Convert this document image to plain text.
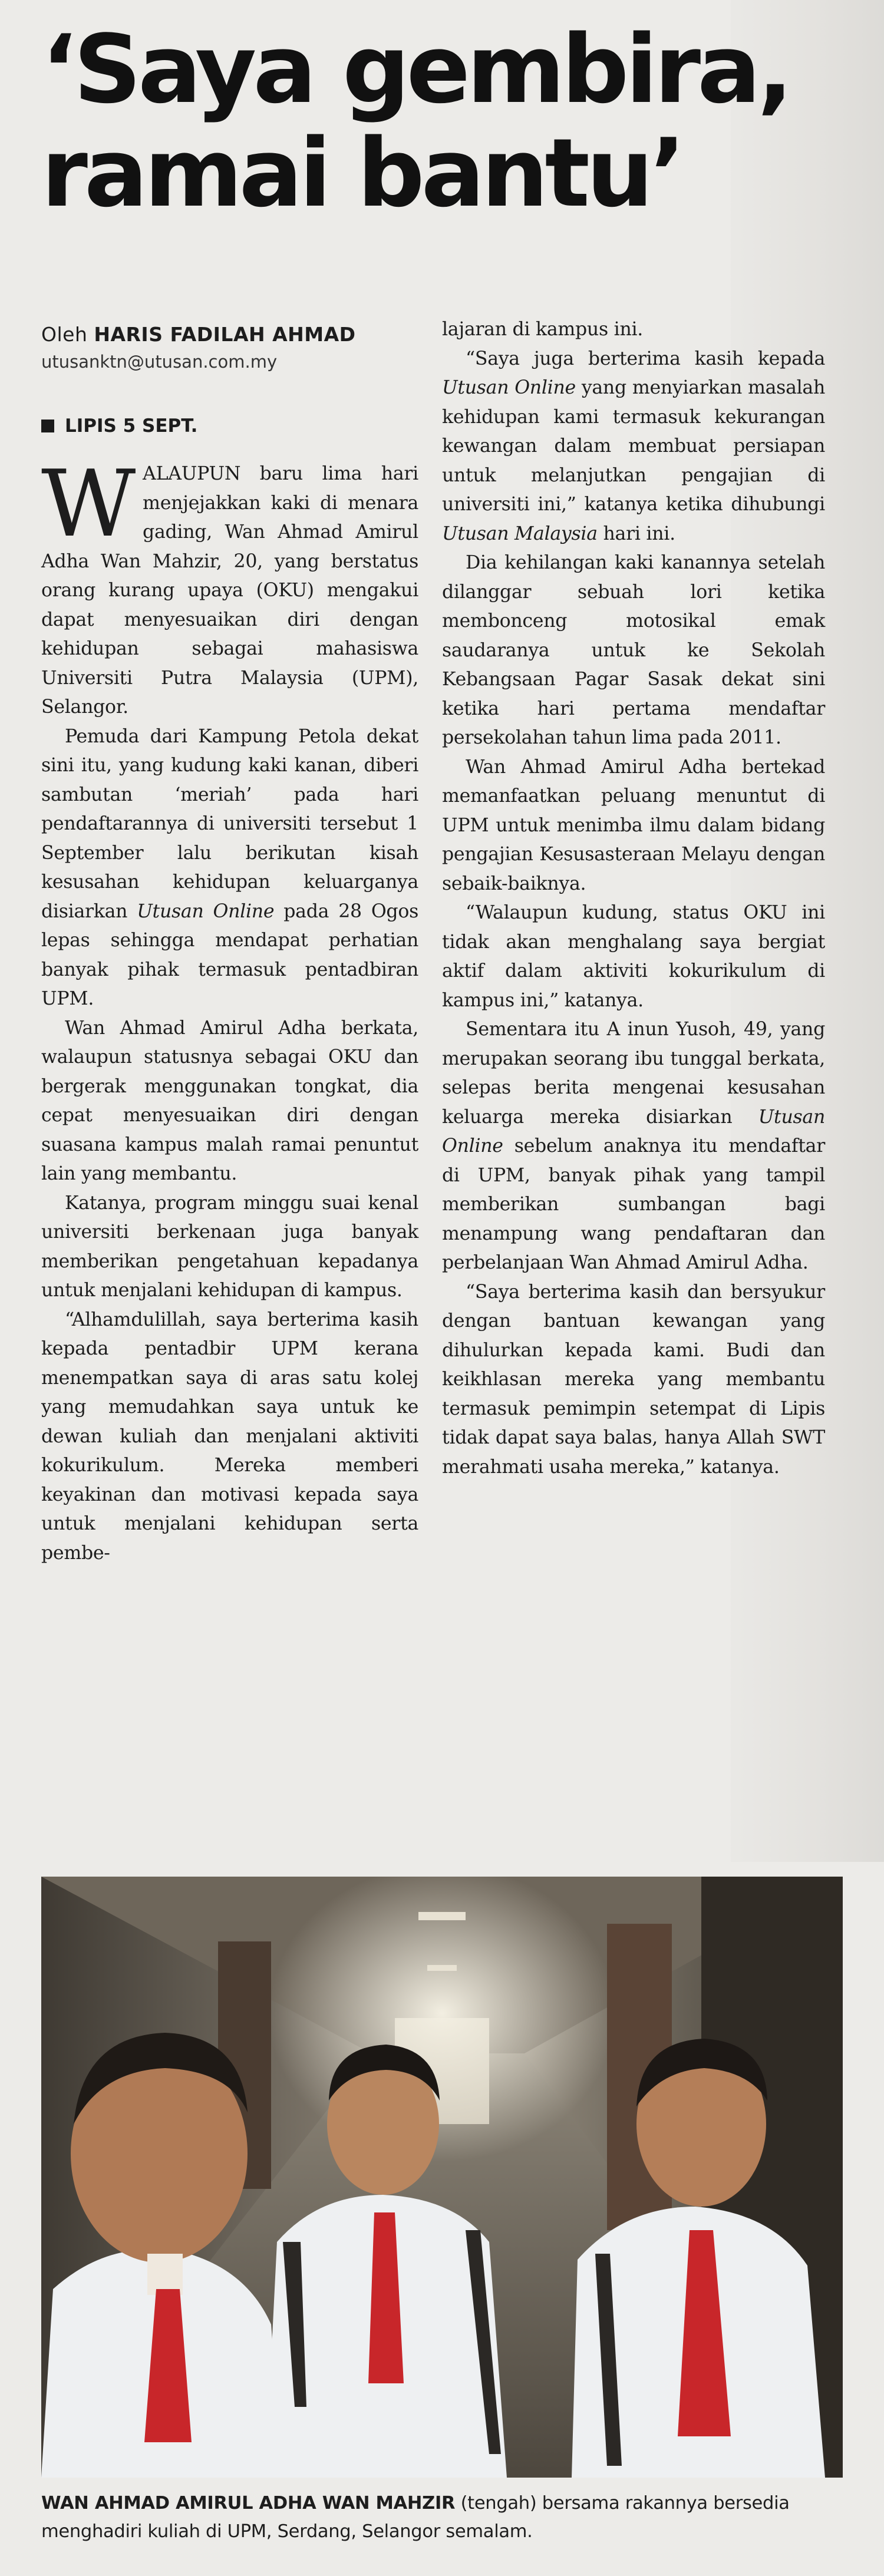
‘Saya gembira,
ramai bantu’
Oleh HARIS FADILAH AHMAD
utusanktn@utusan.com.my
LIPIS 5 SEPT.

WALAUPUN baru lima hari menjejakkan kaki di menara gading, Wan Ahmad Amirul Adha Wan Mahzir, 20, yang berstatus orang kurang upaya (OKU) mengakui dapat menyesuaikan diri dengan kehidupan sebagai mahasiswa Universiti Putra Malaysia (UPM), Selangor.

Pemuda dari Kampung Petola dekat sini itu, yang kudung kaki kanan, diberi sambutan ‘meriah’ pada hari pendaftarannya di universiti tersebut 1 September lalu berikutan kisah kesusahan kehidupan keluarganya disiarkan Utusan Online pada 28 Ogos lepas sehingga mendapat perhatian banyak pihak termasuk pentadbiran UPM.

Wan Ahmad Amirul Adha berkata, walaupun statusnya sebagai OKU dan bergerak menggunakan tongkat, dia cepat menyesuaikan diri dengan suasana kampus malah ramai penuntut lain yang membantu.

Katanya, program minggu suai kenal universiti berkenaan juga banyak memberikan pengetahuan kepadanya untuk menjalani kehidupan di kampus.

“Alhamdulillah, saya berterima kasih kepada pentadbir UPM kerana menempatkan saya di aras satu kolej yang memudahkan saya untuk ke dewan kuliah dan menjalani aktiviti kokurikulum. Mereka memberi keyakinan dan motivasi kepada saya untuk menjalani kehidupan serta pembe-

lajaran di kampus ini.

“Saya juga berterima kasih kepada Utusan Online yang menyiarkan masalah kehidupan kami termasuk kekurangan kewangan dalam membuat persiapan untuk melanjutkan pengajian di universiti ini,” katanya ketika dihubungi Utusan Malaysia hari ini.

Dia kehilangan kaki kanannya setelah dilanggar sebuah lori ketika membonceng motosikal emak saudaranya untuk ke Sekolah Kebangsaan Pagar Sasak dekat sini ketika hari pertama mendaftar persekolahan tahun lima pada 2011.

Wan Ahmad Amirul Adha bertekad memanfaatkan peluang menuntut di UPM untuk menimba ilmu dalam bidang pengajian Kesusasteraan Melayu dengan sebaik-baiknya.

“Walaupun kudung, status OKU ini tidak akan menghalang saya bergiat aktif dalam aktiviti kokurikulum di kampus ini,” katanya.

Sementara itu A inun Yusoh, 49, yang merupakan seorang ibu tunggal berkata, selepas berita mengenai kesusahan keluarga mereka disiarkan Utusan Online sebelum anaknya itu mendaftar di UPM, banyak pihak yang tampil memberikan sumbangan bagi menampung wang pendaftaran dan perbelanjaan Wan Ahmad Amirul Adha.

“Saya berterima kasih dan bersyukur dengan bantuan kewangan yang dihulurkan kepada kami. Budi dan keikhlasan mereka yang membantu termasuk pemimpin setempat di Lipis tidak dapat saya balas, hanya Allah SWT merahmati usaha mereka,” katanya.

WAN AHMAD AMIRUL ADHA WAN MAHZIR (tengah) bersama rakannya bersedia menghadiri kuliah di UPM, Serdang, Selangor semalam.
